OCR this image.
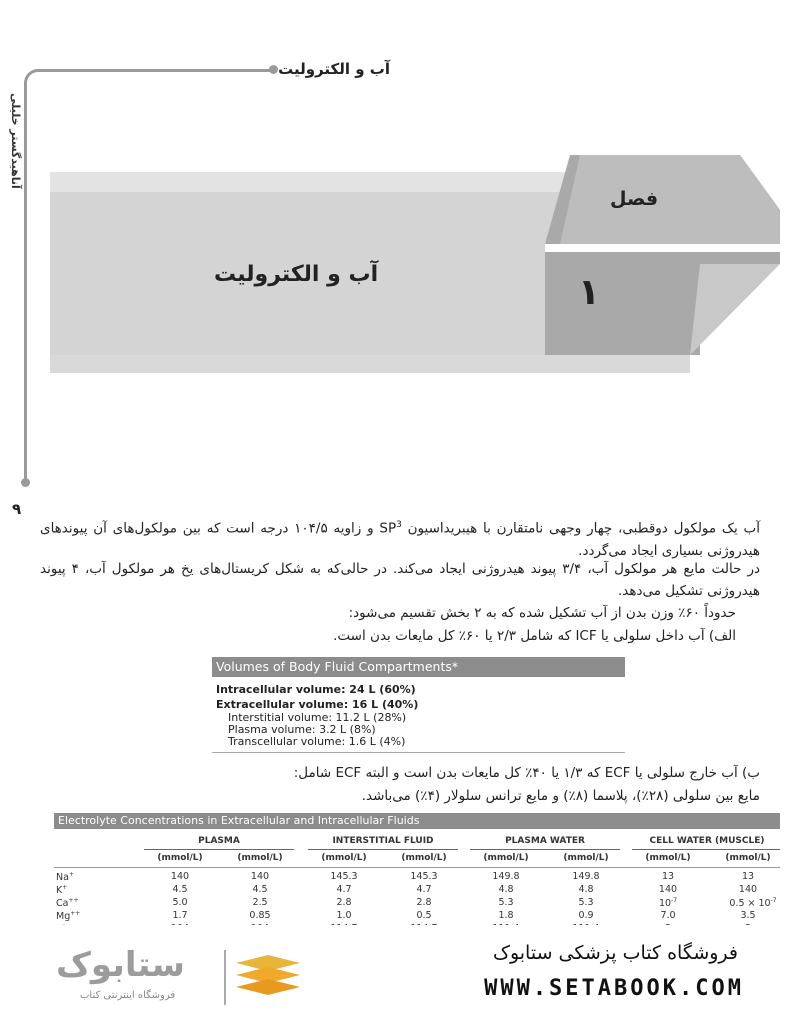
آب و الکترولیت
آناهیدگستر خلیلی
۹
فصل
۱
آب و الکترولیت
آب یک مولکول دوقطبی، چهار وجهی نامتقارن با هیبریداسیون $SP^3$ و زاویه ۱۰۴/۵ درجه است که بین مولکول‌های آن پیوندهای هیدروژنی بسیاری ایجاد می‌گردد.
در حالت مایع هر مولکول آب، ۳/۴ پیوند هیدروژنی ایجاد می‌کند. در حالی‌که به شکل کریستال‌های یخ هر مولکول آب، ۴ پیوند هیدروژنی تشکیل می‌دهد.
حدوداً ۶۰٪ وزن بدن از آب تشکیل شده که به ۲ بخش تقسیم می‌شود:
الف) آب داخل سلولی یا ICF که شامل ۲/۳ یا ۶۰٪ کل مایعات بدن است.
Volumes of Body Fluid Compartments*
Intracellular volume: 24 L (60%)
Extracellular volume: 16 L (40%)
Interstitial volume: 11.2 L (28%)
Plasma volume: 3.2 L (8%)
Transcellular volume: 1.6 L (4%)
ب) آب خارج سلولی یا ECF که ۱/۳ یا ۴۰٪ کل مایعات بدن است و البته ECF شامل:
مایع بین سلولی (۲۸٪)، پلاسما (۸٪) و مایع ترانس سلولار (۴٪) می‌باشد.
Electrolyte Concentrations in Extracellular and Intracellular Fluids
PLASMA	INTERSTITIAL FLUID	PLASMA WATER	CELL WATER (MUSCLE)
(mmol/L)	(mmol/L)	(mmol/L)	(mmol/L)	(mmol/L)	(mmol/L)	(mmol/L)	(mmol/L)
Na+	140	140	145.3	145.3	149.8	149.8	13	13
K+	4.5	4.5	4.7	4.7	4.8	4.8	140	140
Ca++	5.0	2.5	2.8	2.8	5.3	5.3	$10^{-7}$	$0.5 \times 10^{-7}$
Mg++	1.7	0.85	1.0	0.5	1.8	0.9	7.0	3.5
ستابوک
فروشگاه اینترنتی کتاب
فروشگاه کتاب پزشکی ستابوک
WWW.SETABOOK.COM
